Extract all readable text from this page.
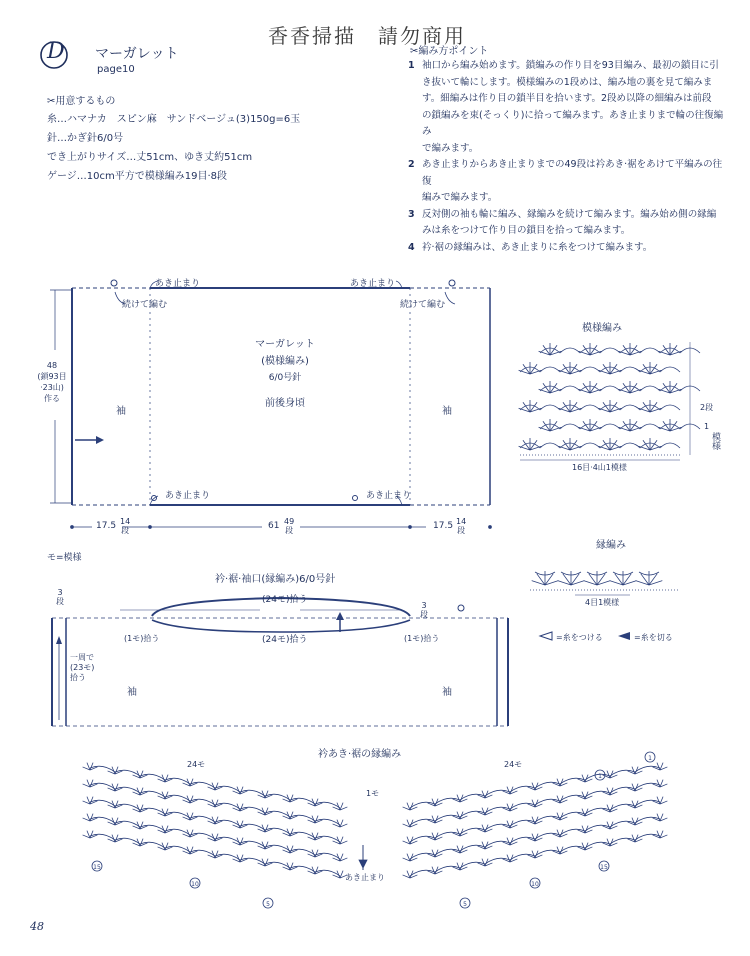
15
10
5	5
10
15
1
1
D マーガレット
page10
香香掃描　請勿商用
✂用意するもの
糸…ハマナカ　スピン麻　サンドベージュ(3)150g=6玉
針…かぎ針6/0号
でき上がりサイズ…丈51cm、ゆき丈約51cm
ゲージ…10cm平方で模様編み19目·8段
✂編み方ポイント
1 袖口から編み始めます。鎖編みの作り目を93目編み、最初の鎖目に引
き抜いて輪にします。模様編みの1段めは、編み地の裏を見て編みま
す。細編みは作り目の鎖半目を拾います。2段め以降の細編みは前段
の鎖編みを束(そっくり)に拾って編みます。あき止まりまで輪の往復編み
で編みます。
2 あき止まりからあき止まりまでの49段は衿あき·裾をあけて平編みの往復
編みで編みます。
3 反対側の袖も輪に編み、縁編みを続けて編みます。編み始め側の縁編
みは糸をつけて作り目の鎖目を拾って編みます。
4 衿·裾の縁編みは、あき止まりに糸をつけて編みます。
あき止まり	あき止まり
続けて編む	続けて編む
マーガレット
(模様編み)
6/0号針
前後身頃
袖	袖
あき止まり	あき止まり
48
(鎖93目
·23山)
作る
17.5 14
段	61 49
段	17.5 14
段
モ=模様
模様編み
16目·4山1模様
2段
1
模様
縁編み
4目1模様
=糸をつける	=糸を切る
衿·裾·袖口(縁編み)6/0号針
3
段	3
段
(24モ)拾う
(24モ)拾う
(1モ)拾う	(1モ)拾う
袖	袖
一周で
(23モ)
拾う
衿あき·裾の縁編み
24モ	24モ
1モ
あき止まり
48
